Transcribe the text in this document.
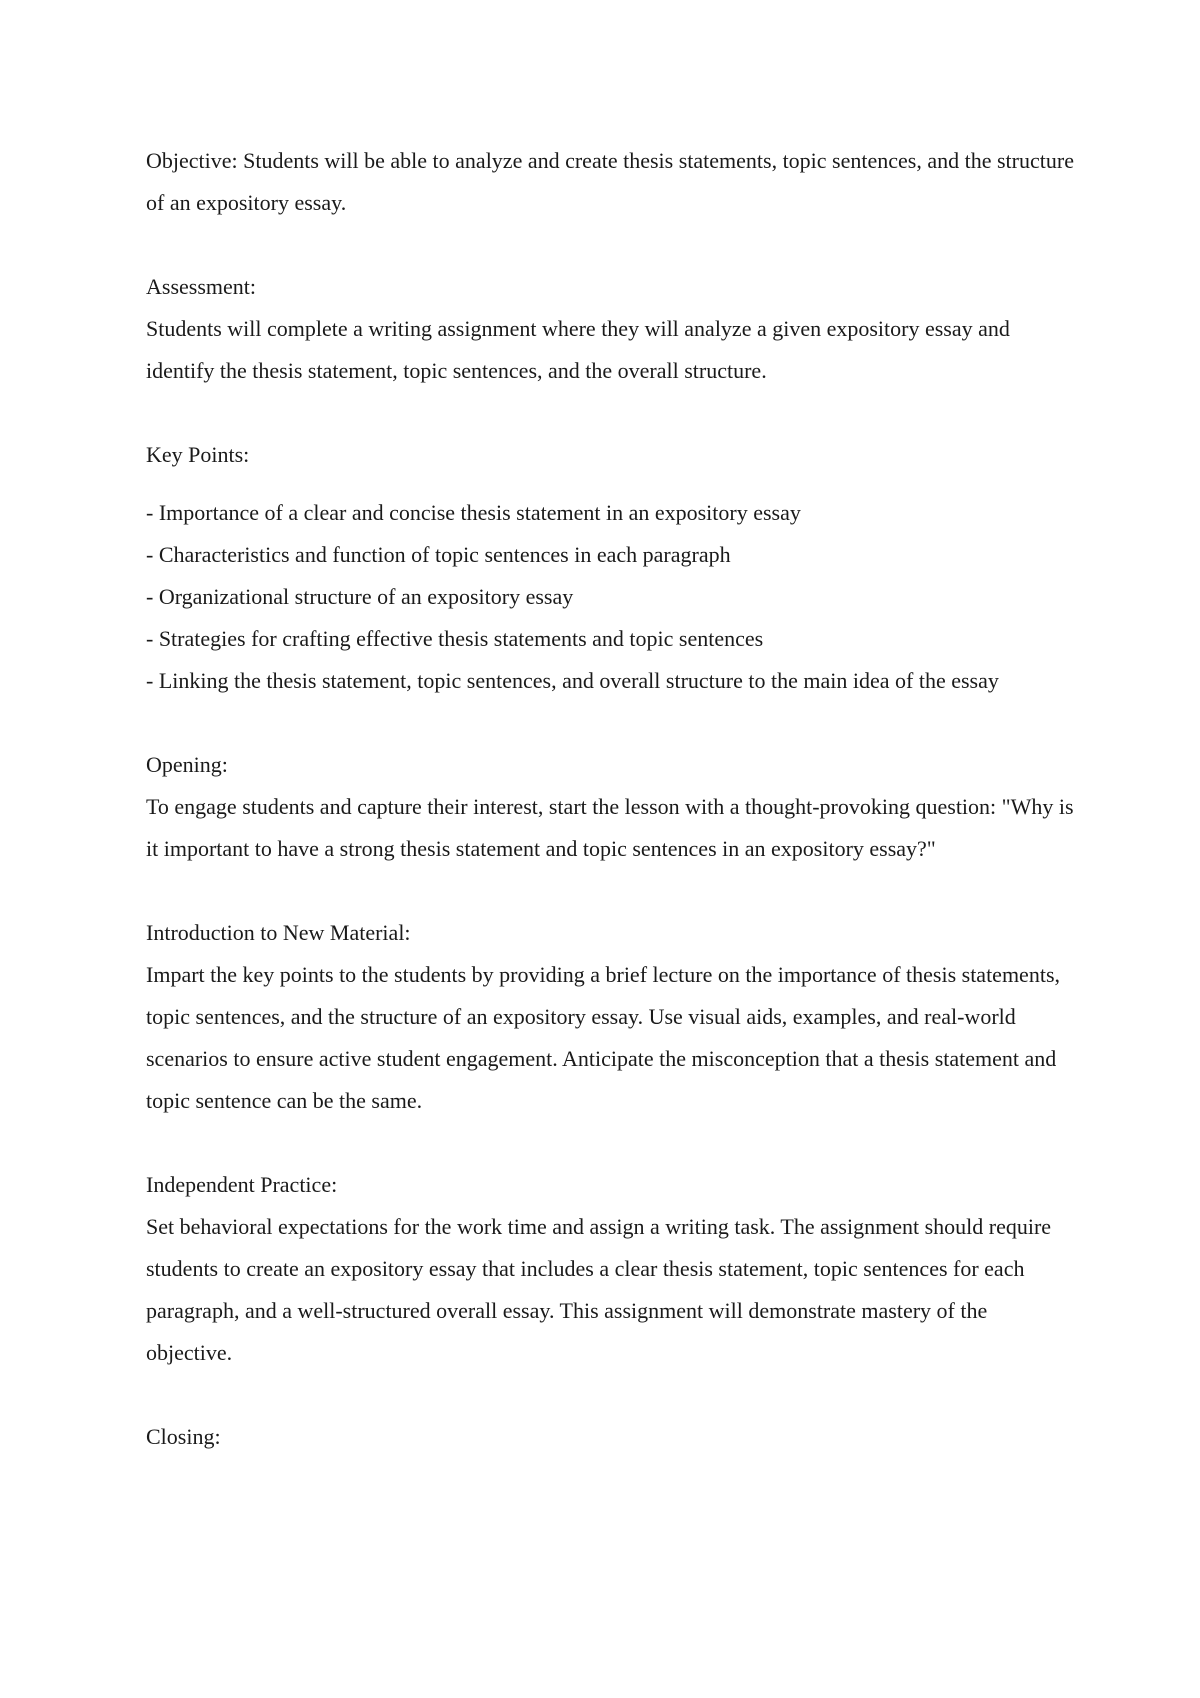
Objective: Students will be able to analyze and create thesis statements, topic sentences, and the structure of an expository essay.

Assessment:

Students will complete a writing assignment where they will analyze a given expository essay and identify the thesis statement, topic sentences, and the overall structure.

Key Points:

- Importance of a clear and concise thesis statement in an expository essay

- Characteristics and function of topic sentences in each paragraph

- Organizational structure of an expository essay

- Strategies for crafting effective thesis statements and topic sentences

- Linking the thesis statement, topic sentences, and overall structure to the main idea of the essay

Opening:

To engage students and capture their interest, start the lesson with a thought-provoking question: "Why is it important to have a strong thesis statement and topic sentences in an expository essay?"

Introduction to New Material:

Impart the key points to the students by providing a brief lecture on the importance of thesis statements, topic sentences, and the structure of an expository essay. Use visual aids, examples, and real-world scenarios to ensure active student engagement. Anticipate the misconception that a thesis statement and topic sentence can be the same.

Independent Practice:

Set behavioral expectations for the work time and assign a writing task. The assignment should require students to create an expository essay that includes a clear thesis statement, topic sentences for each paragraph, and a well-structured overall essay. This assignment will demonstrate mastery of the objective.

Closing:
